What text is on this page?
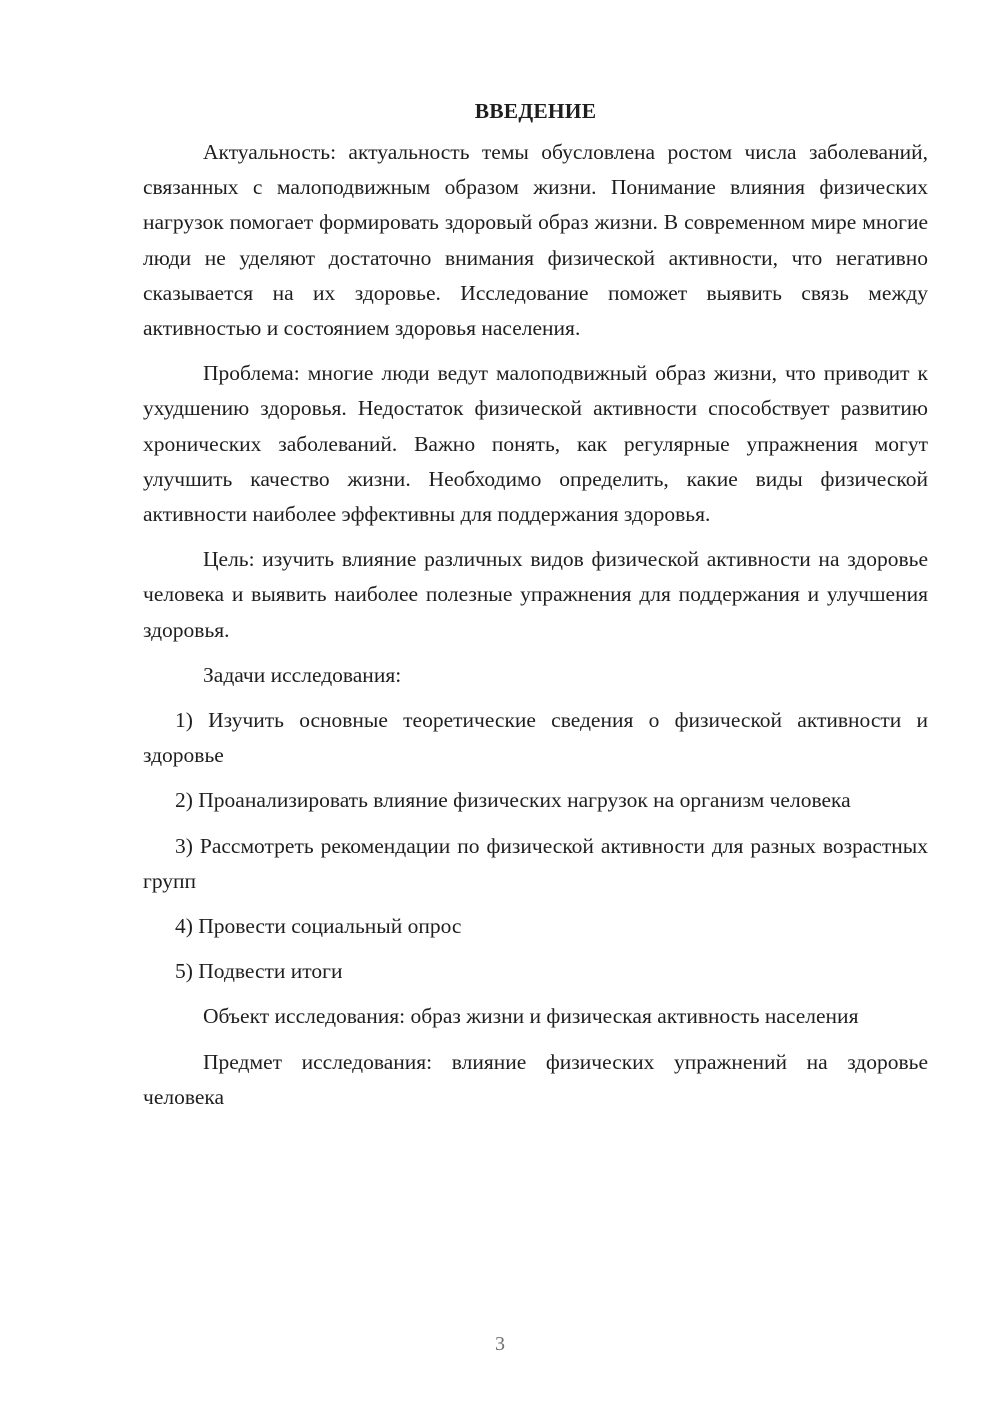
ВВЕДЕНИЕ

Актуальность: актуальность темы обусловлена ростом числа заболеваний, связанных с малоподвижным образом жизни. Понимание влияния физических нагрузок помогает формировать здоровый образ жизни. В современном мире многие люди не уделяют достаточно внимания физической активности, что негативно сказывается на их здоровье. Исследование поможет выявить связь между активностью и состоянием здоровья населения.

Проблема: многие люди ведут малоподвижный образ жизни, что приводит к ухудшению здоровья. Недостаток физической активности способствует развитию хронических заболеваний. Важно понять, как регулярные упражнения могут улучшить качество жизни. Необходимо определить, какие виды физической активности наиболее эффективны для поддержания здоровья.

Цель: изучить влияние различных видов физической активности на здоровье человека и выявить наиболее полезные упражнения для поддержания и улучшения здоровья.

Задачи исследования:

1) Изучить основные теоретические сведения о физической активности и здоровье

2) Проанализировать влияние физических нагрузок на организм человека

3) Рассмотреть рекомендации по физической активности для разных возрастных групп

4) Провести социальный опрос

5) Подвести итоги

Объект исследования: образ жизни и физическая активность населения

Предмет исследования: влияние физических упражнений на здоровье человека

3
